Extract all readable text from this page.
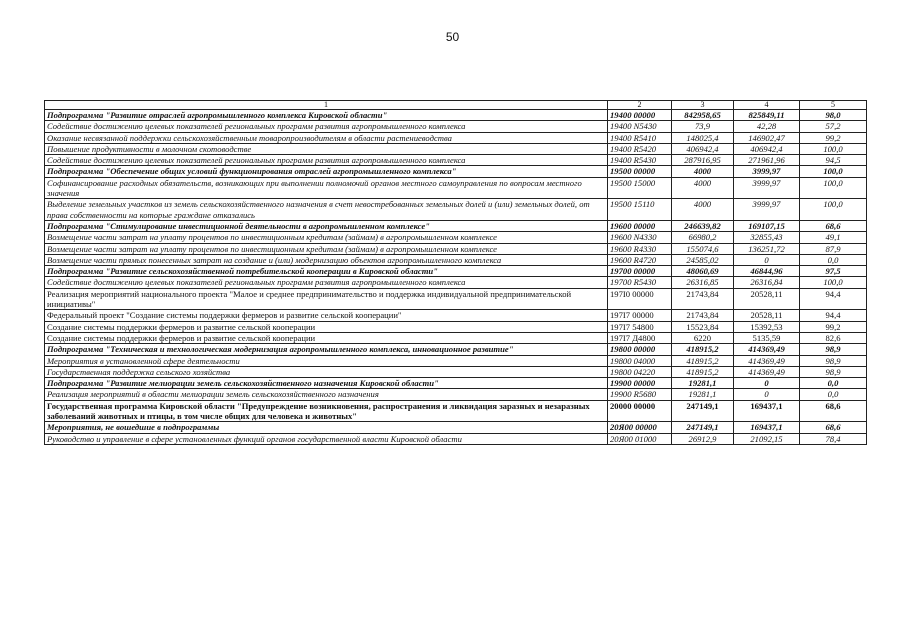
50
1	2	3	4	5
Подпрограмма "Развитие отраслей агропромышленного комплекса Кировской области"	19400 00000	842958,65	825849,11	98,0
Содействие достижению целевых показателей региональных программ развития агропромышленного комплекса	19400 N5430	73,9	42,28	57,2
Оказание несвязанной поддержки сельскохозяйственным товаропроизводителям в области растениеводства	19400 R5410	148025,4	146902,47	99,2
Повышение продуктивности в молочном скотоводстве	19400 R5420	406942,4	406942,4	100,0
Содействие достижению целевых показателей региональных программ развития агропромышленного комплекса	19400 R5430	287916,95	271961,96	94,5
Подпрограмма "Обеспечение общих условий функционирования отраслей агропромышленного комплекса"	19500 00000	4000	3999,97	100,0
Софинансирование расходных обязательств, возникающих при выполнении полномочий органов местного самоуправления по вопросам местного значения	19500 15000	4000	3999,97	100,0
Выделение земельных участков из земель сельскохозяйственного назначения в счет невостребованных земельных долей и (или) земельных долей, от права собственности на которые граждане отказались	19500 15110	4000	3999,97	100,0
Подпрограмма "Стимулирование инвестиционной деятельности в агропромышленном комплексе"	19600 00000	246639,82	169107,15	68,6
Возмещение части затрат на уплату процентов по инвестиционным кредитам (займам) в агропромышленном комплексе	19600 N4330	66980,2	32855,43	49,1
Возмещение части затрат на уплату процентов по инвестиционным кредитам (займам) в агропромышленном комплексе	19600 R4330	155074,6	136251,72	87,9
Возмещение части прямых понесенных затрат на создание и (или) модернизацию объектов агропромышленного комплекса	19600 R4720	24585,02	0	0,0
Подпрограмма "Развитие сельскохозяйственной потребительской кооперации в Кировской области"	19700 00000	48060,69	46844,96	97,5
Содействие достижению целевых показателей региональных программ развития агропромышленного комплекса	19700 R5430	26316,85	26316,84	100,0
Реализация мероприятий национального проекта "Малое и среднее предпринимательство и поддержка индивидуальной предпринимательской инициативы"	197I0 00000	21743,84	20528,11	94,4
Федеральный проект "Создание системы поддержки фермеров и развитие сельской кооперации"	197I7 00000	21743,84	20528,11	94,4
Создание системы поддержки фермеров и развитие сельской кооперации	197I7 54800	15523,84	15392,53	99,2
Создание системы поддержки фермеров и развитие сельской кооперации	197I7 Д4800	6220	5135,59	82,6
Подпрограмма "Техническая и технологическая модернизация агропромышленного комплекса, инновационное развитие"	19800 00000	418915,2	414369,49	98,9
Мероприятия в установленной сфере деятельности	19800 04000	418915,2	414369,49	98,9
Государственная поддержка сельского хозяйства	19800 04220	418915,2	414369,49	98,9
Подпрограмма "Развитие мелиорации земель сельскохозяйственного назначения Кировской области"	19900 00000	19281,1	0	0,0
Реализация мероприятий в области мелиорации земель сельскохозяйственного назначения	19900 R5680	19281,1	0	0,0
Государственная программа Кировской области "Предупреждение возникновения, распространения и ликвидация заразных и незаразных заболеваний животных и птицы, в том числе общих для человека и животных"	20000 00000	247149,1	169437,1	68,6
Мероприятия, не вошедшие в подпрограммы	20Я00 00000	247149,1	169437,1	68,6
Руководство и управление в сфере установленных функций органов государственной власти Кировской области	20Я00 01000	26912,9	21092,15	78,4
